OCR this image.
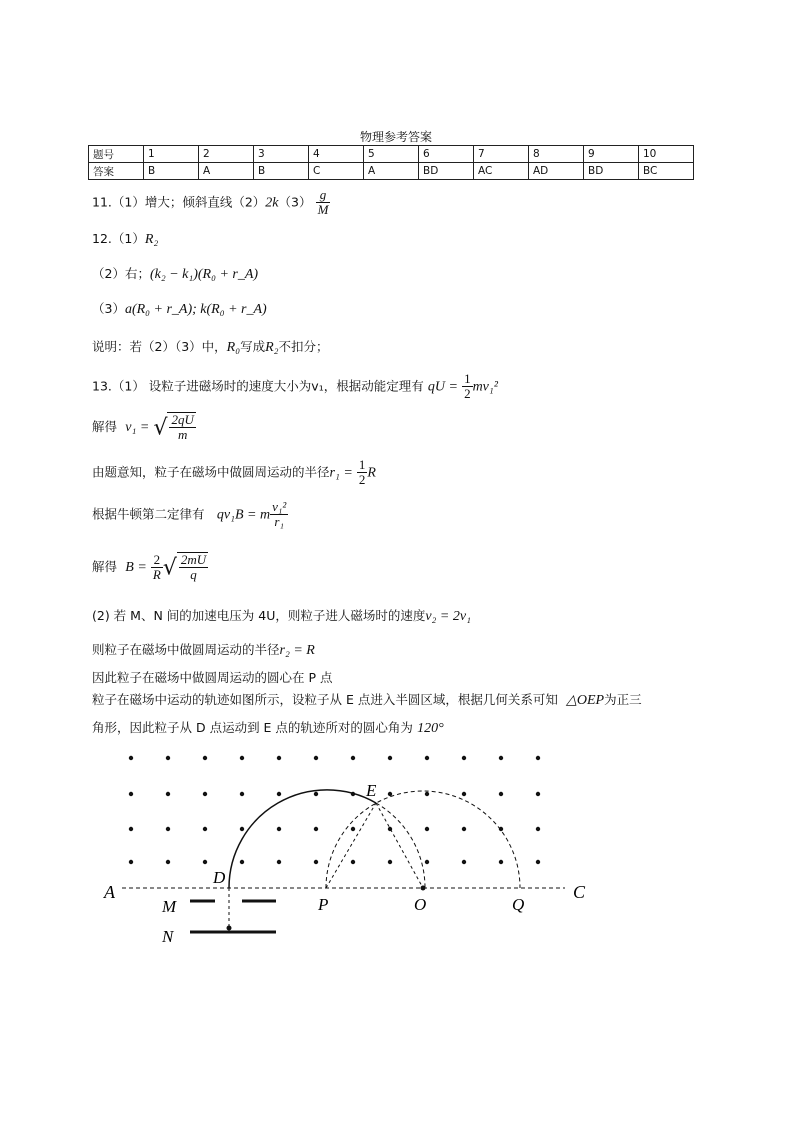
物理参考答案
题号	1	2	3	4	5	6	7	8	9	10
答案	B	A	B	C	A	BD	AC	AD	BD	BC
11.（1）增大；倾斜直线$(2)2k(3) \frac{g}{M}$
12.（1）R₂
（2）右；(k₂ − k₁)(R₀ + r_A)
（3）a(R₀ + r_A); k(R₀ + r_A)
说明：若（2）（3）中，R₀写成R₂不扣分；
13.（1） 设粒子进磁场时的速度大小为v₁，根据动能定理有 qU = $\frac{1}{2} mv_1^2$
解得 v₁ = √ $\frac{2qU}{m}$
由题意知，粒子在磁场中做圆周运动的半径$r_1 = \frac{1}{2}$ R
根据牛顿第二定律有 qv₁B = m $\frac{\text{v₁²}}{\text{r₁}}$
解得 $B = \frac{2}{R}$ √ $\frac{2mU}{q}$
(2) 若 M、N 间的加速电压为 4U，则粒子进人磁场时的速度v₂ = 2v₁
则粒子在磁场中做圆周运动的半径r₂ = R
因此粒子在磁场中做圆周运动的圆心在 P 点
粒子在磁场中运动的轨迹如图所示，设粒子从 E 点进入半圆区域，根据几何关系可知 △OEP为正三
角形，因此粒子从 D 点运动到 E 点的轨迹所对的圆心角为 120°
A	C
D
E
M
N
P	O	Q
